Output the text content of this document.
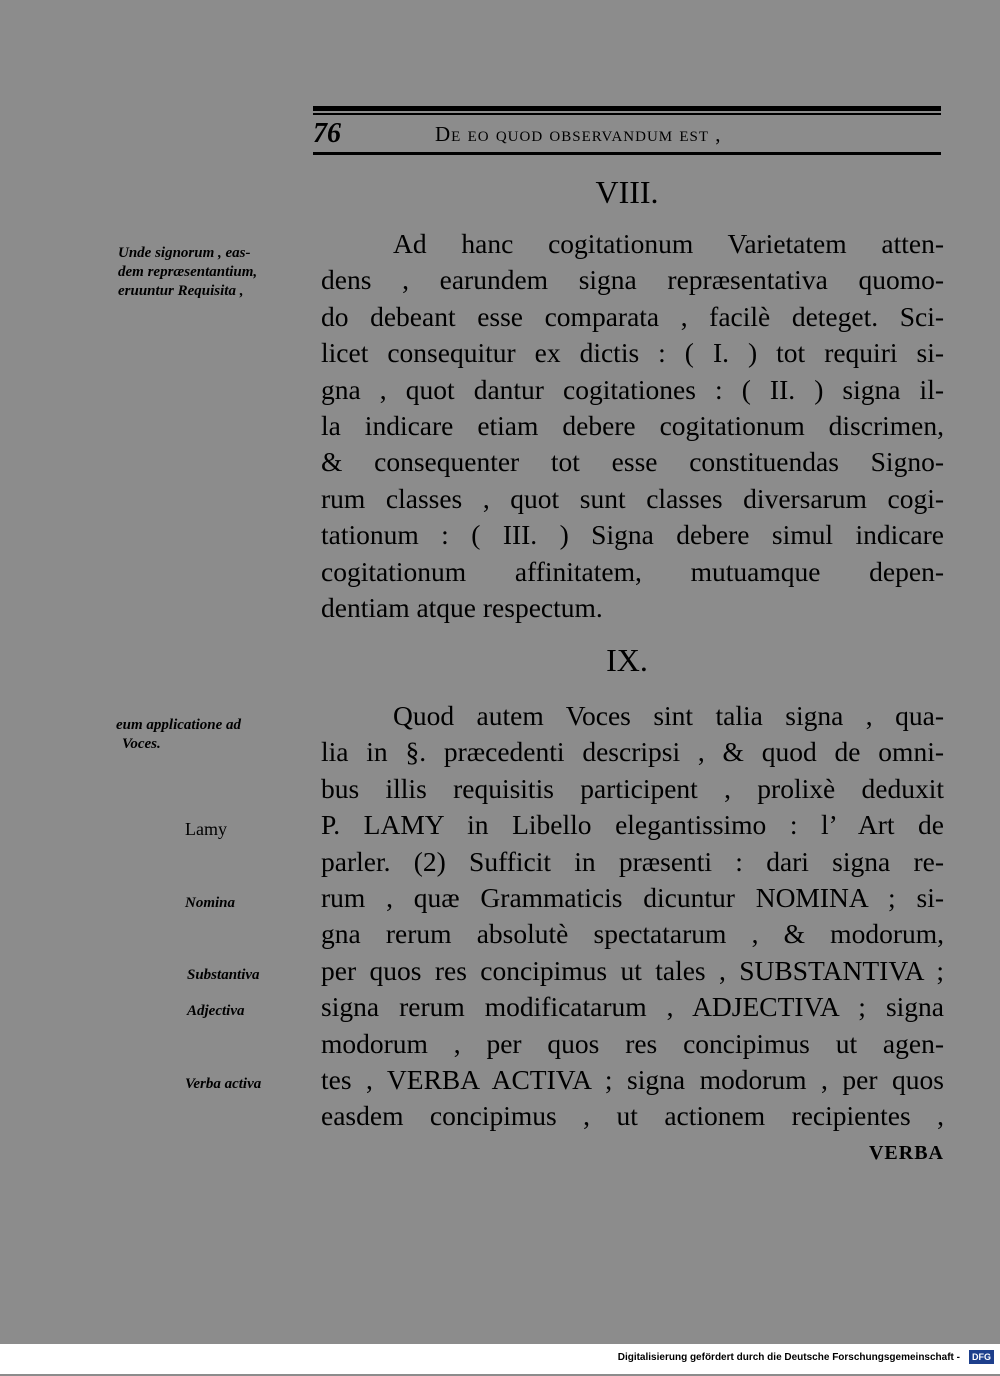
76	De eo quod observandum est ,
VIII.
Unde signorum , eas-
dem repræsentantium,
eruuntur Requisita ,
Ad hanc cogitationum Varietatem atten-
dens , earundem signa repræsentativa quomo-
do debeant esse comparata , facilè deteget. Sci-
licet consequitur ex dictis : ( I. ) tot requiri si-
gna , quot dantur cogitationes : ( II. ) signa il-
la indicare etiam debere cogitationum discrimen,
& consequenter tot esse constituendas Signo-
rum classes , quot sunt classes diversarum cogi-
tationum : ( III. ) Signa debere simul indicare
cogitationum affinitatem, mutuamque depen-
dentiam atque respectum.
IX.
eum applicatione ad
Voces.
Lamy
Nomina
Substantiva
Adjectiva
Verba activa
Quod autem Voces sint talia signa , qua-
lia in §. præcedenti descripsi , & quod de omni-
bus illis requisitis participent , prolixè deduxit
P. LAMY in Libello elegantissimo : l’ Art de
parler. (2) Sufficit in præsenti : dari signa re-
rum , quæ Grammaticis dicuntur NOMINA ; si-
gna rerum absolutè spectatarum , & modorum,
per quos res concipimus ut tales , SUBSTANTIVA ;
signa rerum modificatarum , ADJECTIVA ; signa
modorum , per quos res concipimus ut agen-
tes , VERBA ACTIVA ; signa modorum , per quos
easdem concipimus , ut actionem recipientes ,
VERBA
Digitalisierung gefördert durch die Deutsche Forschungsgemeinschaft -	DFG
